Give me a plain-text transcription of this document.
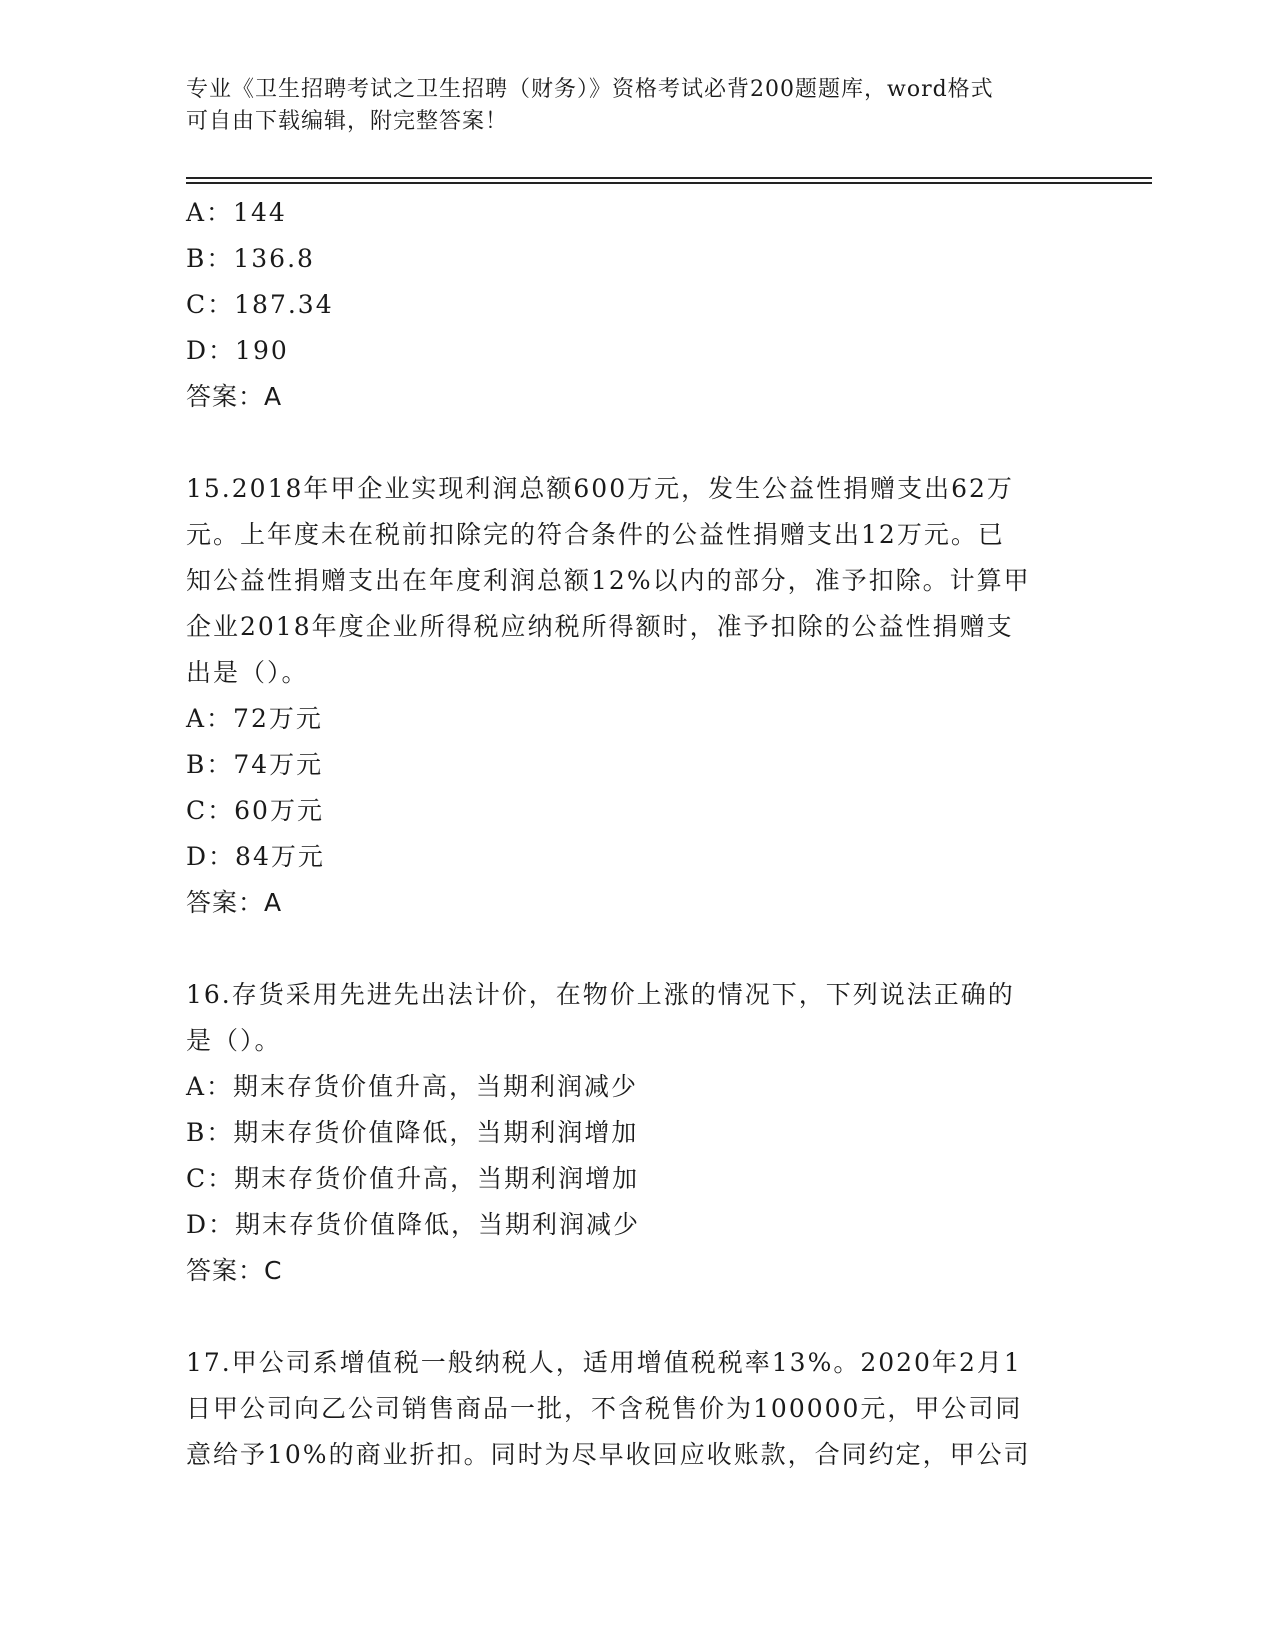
专业《卫生招聘考试之卫生招聘（财务）》资格考试必背200题题库，word格式
可自由下载编辑，附完整答案！
A：144
B：136.8
C：187.34
D：190
答案：A
15.2018年甲企业实现利润总额600万元，发生公益性捐赠支出62万
元。上年度未在税前扣除完的符合条件的公益性捐赠支出12万元。已
知公益性捐赠支出在年度利润总额12%以内的部分，准予扣除。计算甲
企业2018年度企业所得税应纳税所得额时，准予扣除的公益性捐赠支
出是（）。
A：72万元
B：74万元
C：60万元
D：84万元
答案：A
16.存货采用先进先出法计价，在物价上涨的情况下，下列说法正确的
是（）。
A：期末存货价值升高，当期利润减少
B：期末存货价值降低，当期利润增加
C：期末存货价值升高，当期利润增加
D：期末存货价值降低，当期利润减少
答案：C
17.甲公司系增值税一般纳税人，适用增值税税率13%。2020年2月1
日甲公司向乙公司销售商品一批，不含税售价为100000元，甲公司同
意给予10%的商业折扣。同时为尽早收回应收账款，合同约定，甲公司
